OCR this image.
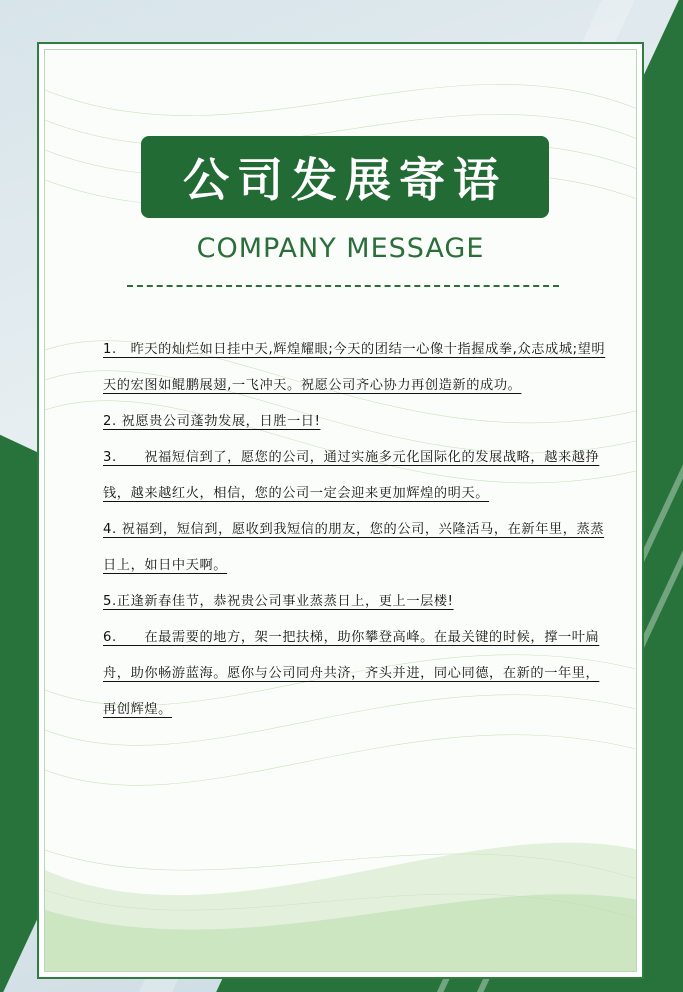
公司发展寄语
COMPANY MESSAGE
1.　昨天的灿烂如日挂中天,辉煌耀眼;今天的团结一心像十指握成拳,众志成城;望明天的宏图如鲲鹏展翅,一飞冲天。祝愿公司齐心协力再创造新的成功。
2. 祝愿贵公司蓬勃发展，日胜一日!
3.　　祝福短信到了，愿您的公司，通过实施多元化国际化的发展战略，越来越挣钱，越来越红火，相信，您的公司一定会迎来更加辉煌的明天。
4. 祝福到，短信到，愿收到我短信的朋友，您的公司，兴隆活马，在新年里，蒸蒸日上，如日中天啊。
5.正逢新春佳节，恭祝贵公司事业蒸蒸日上，更上一层楼!
6.　　在最需要的地方，架一把扶梯，助你攀登高峰。在最关键的时候，撑一叶扁舟，助你畅游蓝海。愿你与公司同舟共济，齐头并进，同心同德，在新的一年里，再创辉煌。
